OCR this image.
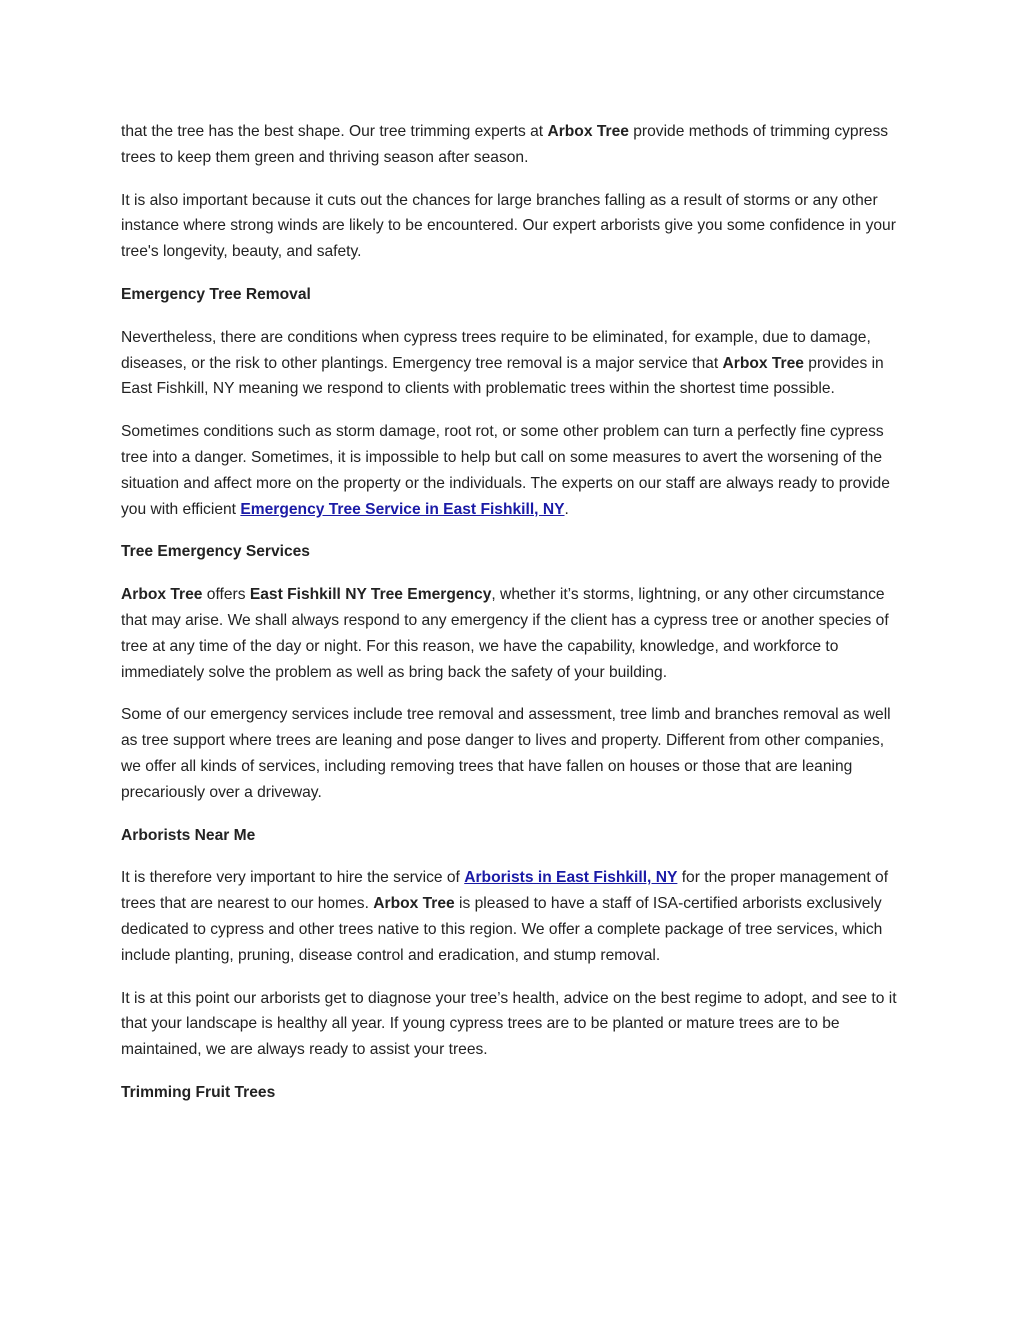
that the tree has the best shape. Our tree trimming experts at Arbox Tree provide methods of trimming cypress trees to keep them green and thriving season after season.

It is also important because it cuts out the chances for large branches falling as a result of storms or any other instance where strong winds are likely to be encountered. Our expert arborists give you some confidence in your tree's longevity, beauty, and safety.

Emergency Tree Removal

Nevertheless, there are conditions when cypress trees require to be eliminated, for example, due to damage, diseases, or the risk to other plantings. Emergency tree removal is a major service that Arbox Tree provides in East Fishkill, NY meaning we respond to clients with problematic trees within the shortest time possible.

Sometimes conditions such as storm damage, root rot, or some other problem can turn a perfectly fine cypress tree into a danger. Sometimes, it is impossible to help but call on some measures to avert the worsening of the situation and affect more on the property or the individuals. The experts on our staff are always ready to provide you with efficient Emergency Tree Service in East Fishkill, NY.

Tree Emergency Services

Arbox Tree offers East Fishkill NY Tree Emergency, whether it’s storms, lightning, or any other circumstance that may arise. We shall always respond to any emergency if the client has a cypress tree or another species of tree at any time of the day or night. For this reason, we have the capability, knowledge, and workforce to immediately solve the problem as well as bring back the safety of your building.

Some of our emergency services include tree removal and assessment, tree limb and branches removal as well as tree support where trees are leaning and pose danger to lives and property. Different from other companies, we offer all kinds of services, including removing trees that have fallen on houses or those that are leaning precariously over a driveway.

Arborists Near Me

It is therefore very important to hire the service of Arborists in East Fishkill, NY for the proper management of trees that are nearest to our homes. Arbox Tree is pleased to have a staff of ISA-certified arborists exclusively dedicated to cypress and other trees native to this region. We offer a complete package of tree services, which include planting, pruning, disease control and eradication, and stump removal.

It is at this point our arborists get to diagnose your tree’s health, advice on the best regime to adopt, and see to it that your landscape is healthy all year. If young cypress trees are to be planted or mature trees are to be maintained, we are always ready to assist your trees.

Trimming Fruit Trees
